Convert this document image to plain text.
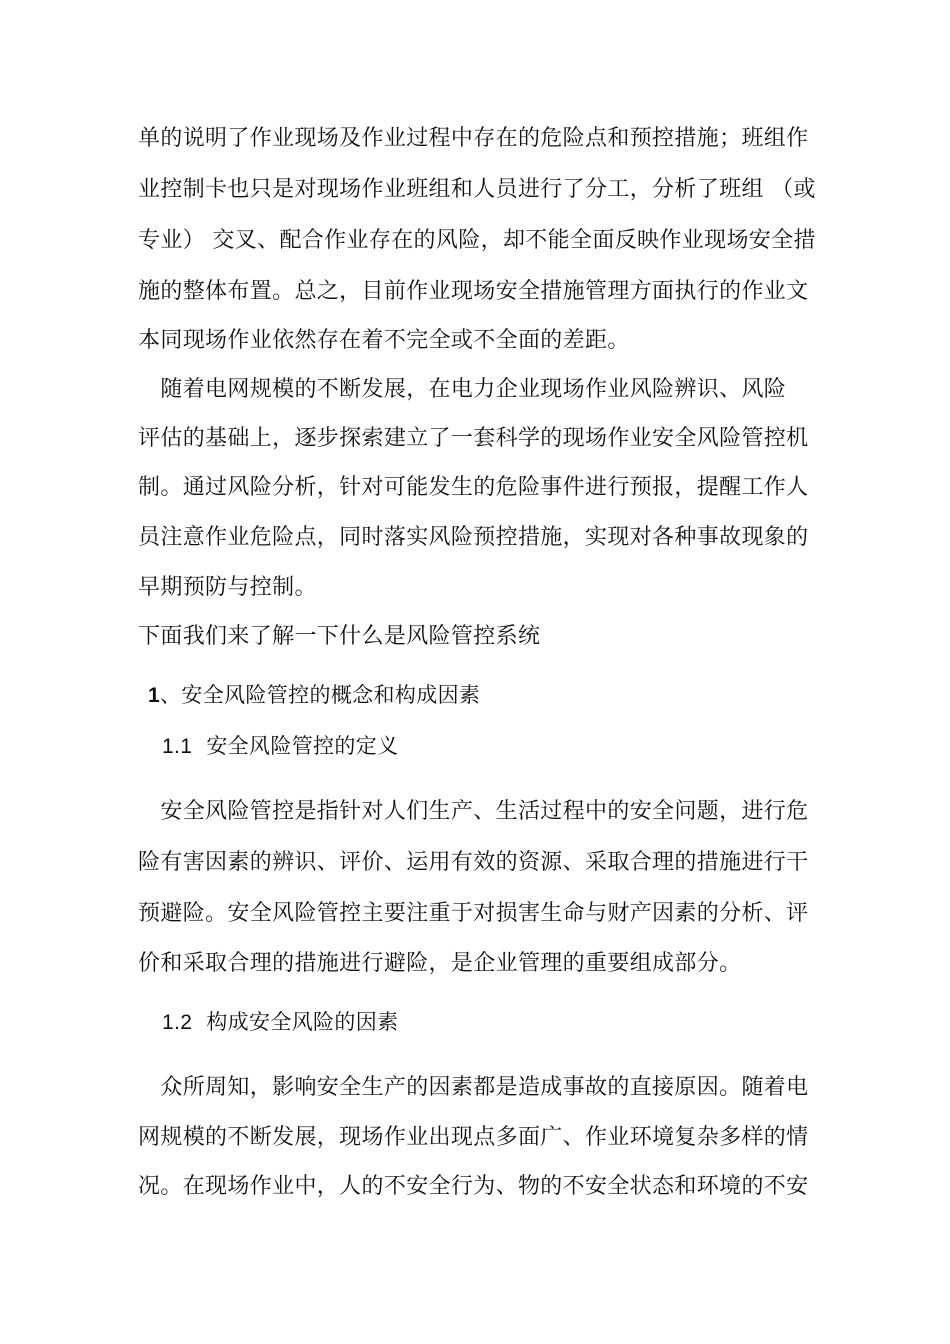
单的说明了作业现场及作业过程中存在的危险点和预控措施；班组作
业控制卡也只是对现场作业班组和人员进行了分工，分析了班组 （或
专业） 交叉、配合作业存在的风险，却不能全面反映作业现场安全措
施的整体布置。总之，目前作业现场安全措施管理方面执行的作业文
本同现场作业依然存在着不完全或不全面的差距。
　随着电网规模的不断发展，在电力企业现场作业风险辨识、风险
评估的基础上，逐步探索建立了一套科学的现场作业安全风险管控机
制。通过风险分析，针对可能发生的危险事件进行预报，提醒工作人
员注意作业危险点，同时落实风险预控措施，实现对各种事故现象的
早期预防与控制。
下面我们来了解一下什么是风险管控系统
1、安全风险管控的概念和构成因素
1.1 安全风险管控的定义
　安全风险管控是指针对人们生产、生活过程中的安全问题，进行危
险有害因素的辨识、评价、运用有效的资源、采取合理的措施进行干
预避险。安全风险管控主要注重于对损害生命与财产因素的分析、评
价和采取合理的措施进行避险，是企业管理的重要组成部分。
1.2 构成安全风险的因素
　众所周知，影响安全生产的因素都是造成事故的直接原因。随着电
网规模的不断发展，现场作业出现点多面广、作业环境复杂多样的情
况。在现场作业中，人的不安全行为、物的不安全状态和环境的不安
